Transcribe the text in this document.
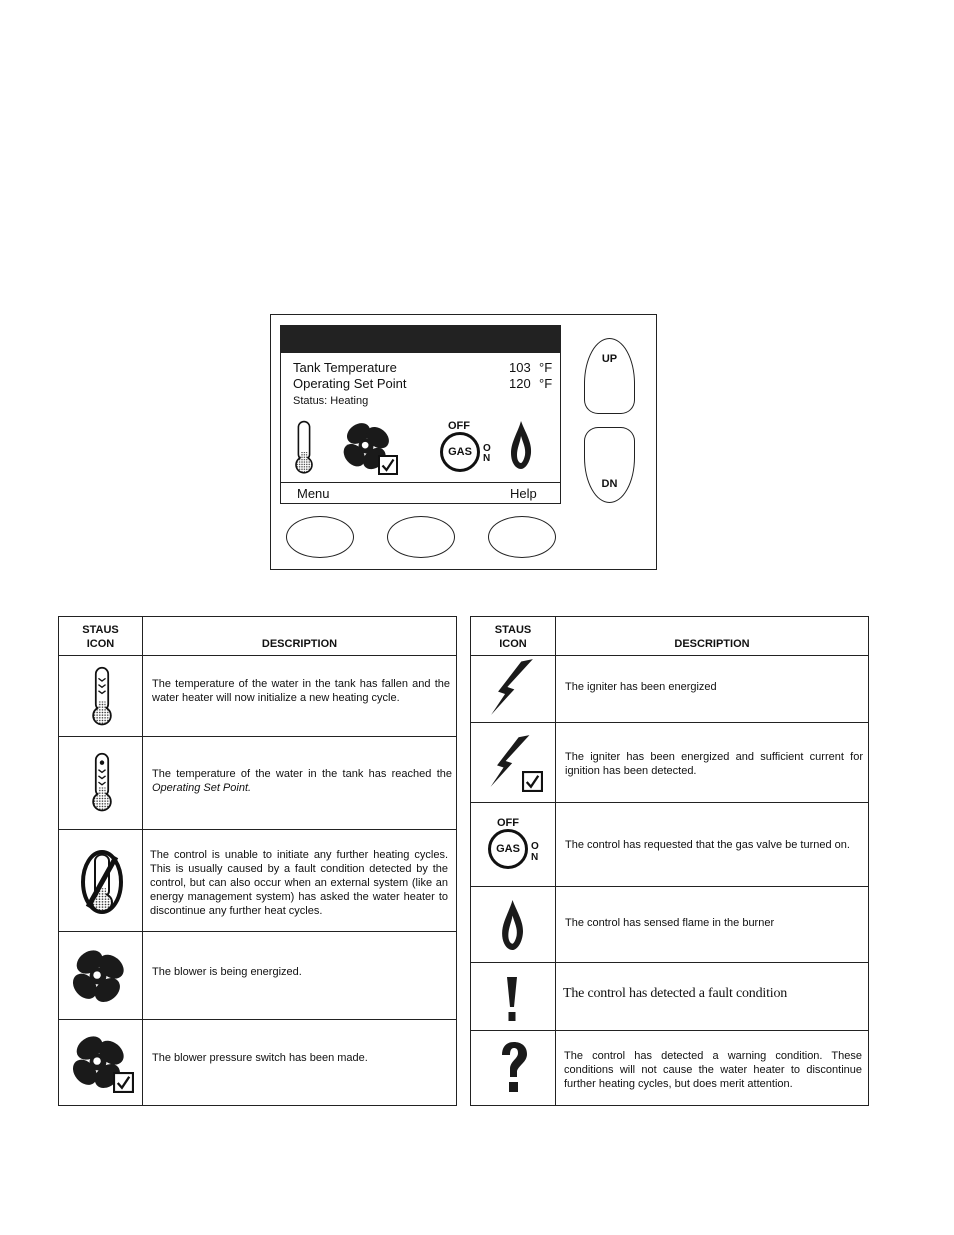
Tank Temperature	103 °F
Operating Set Point	120 °F
Status: Heating
GAS
OFF
ON
Menu	Help
UP
DN
STAUS
ICON	DESCRIPTION
The temperature of the water in the tank has fallen and the water heater will now initialize a new heating cycle.
The temperature of the water in the tank has reached the Operating Set Point.
The control is unable to initiate any further heating cycles. This is usually caused by a fault condition detected by the control, but can also occur when an external system (like an energy management system) has asked the water heater to discontinue any further heat cycles.
The blower is being energized.
The blower pressure switch has been made.
STAUS
ICON	DESCRIPTION
The igniter has been energized
The igniter has been energized and sufficient current for ignition has been detected.
GAS
OFF
ON
The control has requested that the gas valve be turned on.
The control has sensed flame in the burner
The control has detected a fault condition
The control has detected a warning condition. These conditions will not cause the water heater to discontinue further heating cycles, but does merit attention.
